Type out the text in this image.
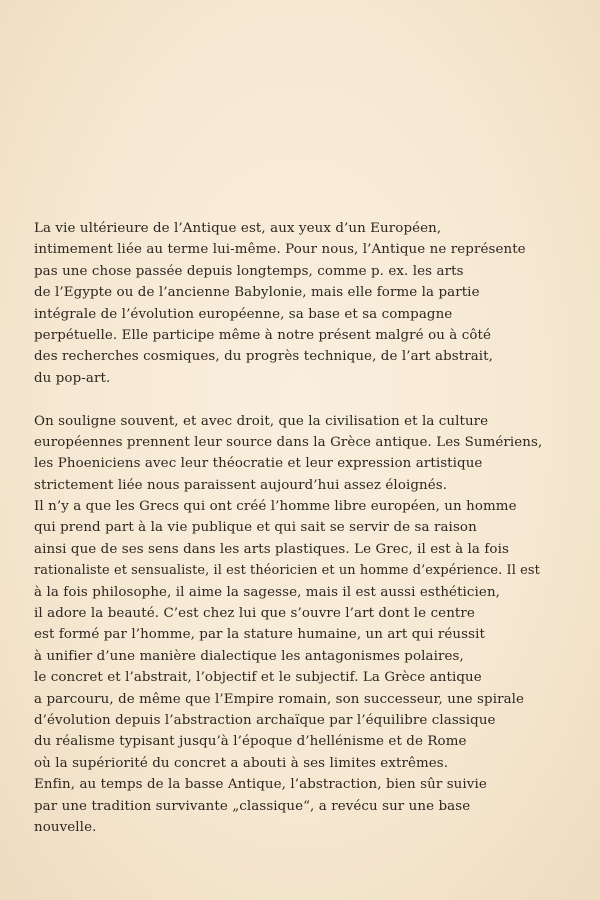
La vie ultérieure de l’Antique est, aux yeux d’un Européen,
intimement liée au terme lui-même. Pour nous, l’Antique ne représente
pas une chose passée depuis longtemps, comme p. ex. les arts
de l’Egypte ou de l’ancienne Babylonie, mais elle forme la partie
intégrale de l’évolution européenne, sa base et sa compagne
perpétuelle. Elle participe même à notre présent malgré ou à côté
des recherches cosmiques, du progrès technique, de l’art abstrait,
du pop-art.
On souligne souvent, et avec droit, que la civilisation et la culture
européennes prennent leur source dans la Grèce antique. Les Sumériens,
les Phoeniciens avec leur théocratie et leur expression artistique
strictement liée nous paraissent aujourd’hui assez éloignés.
Il n’y a que les Grecs qui ont créé l’homme libre européen, un homme
qui prend part à la vie publique et qui sait se servir de sa raison
ainsi que de ses sens dans les arts plastiques. Le Grec, il est à la fois
rationaliste et sensualiste, il est théoricien et un homme d’expérience. Il est
à la fois philosophe, il aime la sagesse, mais il est aussi esthéticien,
il adore la beauté. C’est chez lui que s’ouvre l’art dont le centre
est formé par l’homme, par la stature humaine, un art qui réussit
à unifier d’une manière dialectique les antagonismes polaires,
le concret et l’abstrait, l’objectif et le subjectif. La Grèce antique
a parcouru, de même que l’Empire romain, son successeur, une spirale
d’évolution depuis l’abstraction archaïque par l’équilibre classique
du réalisme typisant jusqu’à l’époque d’hellénisme et de Rome
où la supériorité du concret a abouti à ses limites extrêmes.
Enfin, au temps de la basse Antique, l’abstraction, bien sûr suivie
par une tradition survivante „classique“, a revécu sur une base
nouvelle.
